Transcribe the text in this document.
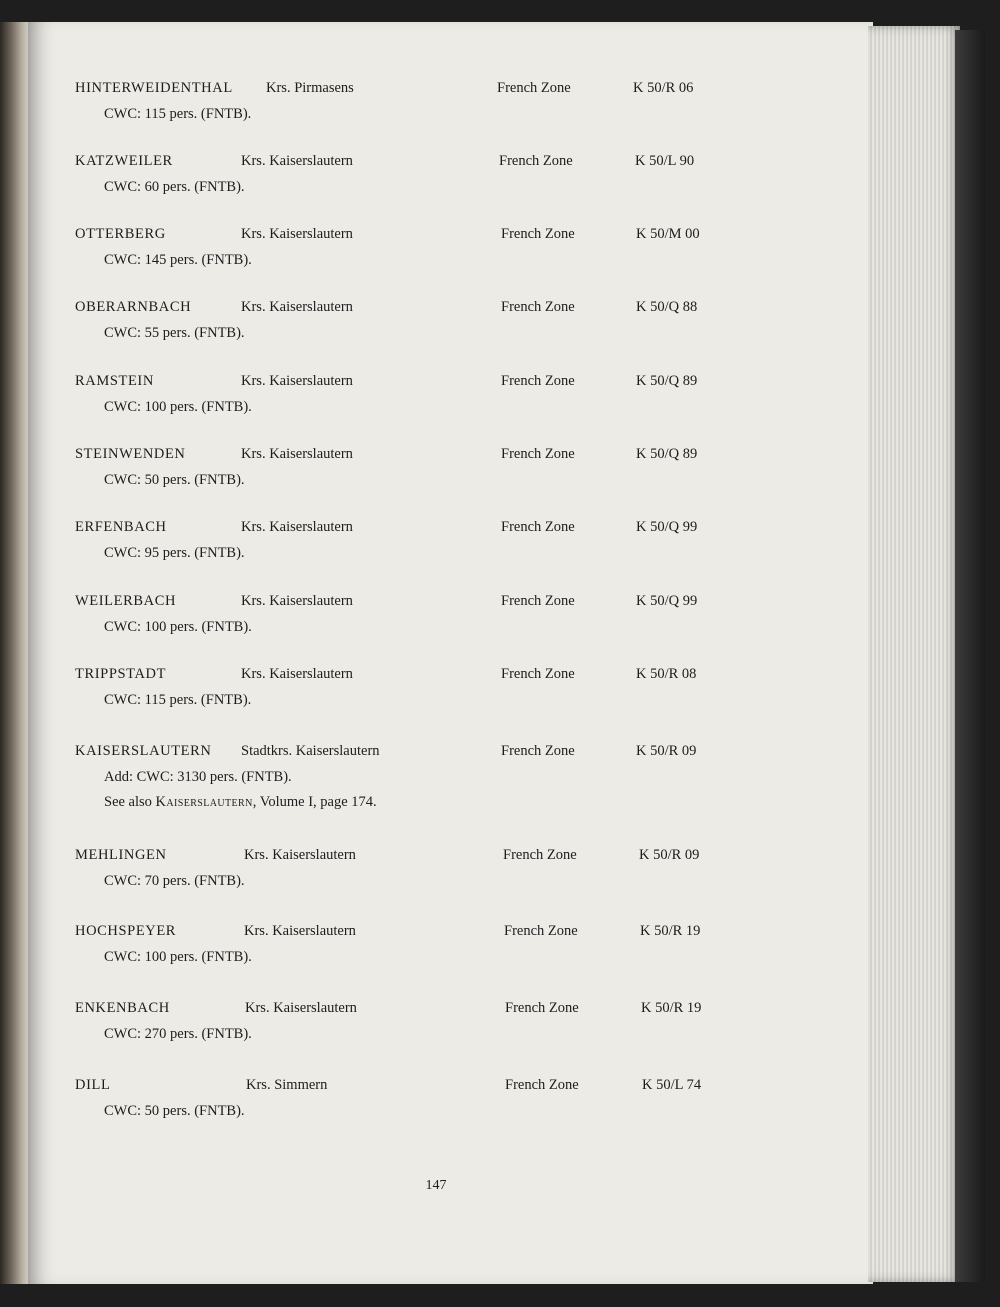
HINTERWEIDENTHAL Krs. Pirmasens	French Zone	K 50/R 06
CWC: 115 pers. (FNTB).
KATZWEILER	Krs. Kaiserslautern	French Zone	K 50/L 90
CWC: 60 pers. (FNTB).
OTTERBERG	Krs. Kaiserslautern	French Zone	K 50/M 00
CWC: 145 pers. (FNTB).
OBERARNBACH	Krs. Kaiserslautern	French Zone	K 50/Q 88
CWC: 55 pers. (FNTB).
RAMSTEIN	Krs. Kaiserslautern	French Zone	K 50/Q 89
CWC: 100 pers. (FNTB).
STEINWENDEN	Krs. Kaiserslautern	French Zone	K 50/Q 89
CWC: 50 pers. (FNTB).
ERFENBACH	Krs. Kaiserslautern	French Zone	K 50/Q 99
CWC: 95 pers. (FNTB).
WEILERBACH	Krs. Kaiserslautern	French Zone	K 50/Q 99
CWC: 100 pers. (FNTB).
TRIPPSTADT	Krs. Kaiserslautern	French Zone	K 50/R 08
CWC: 115 pers. (FNTB).
KAISERSLAUTERN Stadtkrs. Kaiserslautern	French Zone	K 50/R 09
Add: CWC: 3130 pers. (FNTB).
See also Kaiserslautern, Volume I, page 174.
MEHLINGEN	Krs. Kaiserslautern	French Zone	K 50/R 09
CWC: 70 pers. (FNTB).
HOCHSPEYER	Krs. Kaiserslautern	French Zone	K 50/R 19
CWC: 100 pers. (FNTB).
ENKENBACH	Krs. Kaiserslautern	French Zone	K 50/R 19
CWC: 270 pers. (FNTB).
DILL	Krs. Simmern	French Zone	K 50/L 74
CWC: 50 pers. (FNTB).
147
